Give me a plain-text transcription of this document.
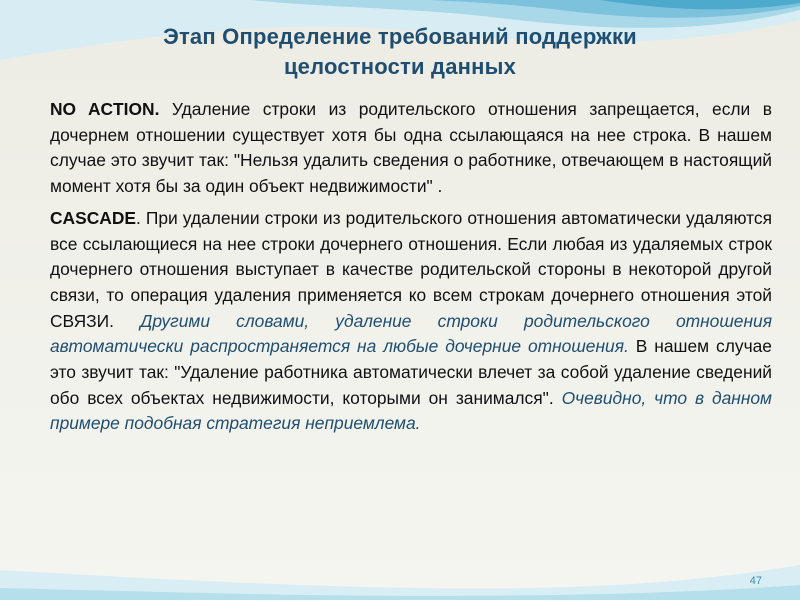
Этап Определение требований поддержки
целостности данных

NO ACTION. Удаление строки из родительского отношения запрещается, если в дочернем отношении существует хотя бы одна ссылающаяся на нее строка. В нашем случае это звучит так: "Нельзя удалить сведения о работнике, отвечающем в настоящий момент хотя бы за один объект недвижимости" .

CASCADE. При удалении строки из родительского отношения автоматически удаляются все ссылающиеся на нее строки дочернего отношения. Если любая из удаляемых строк дочернего отношения выступает в качестве родительской стороны в некоторой другой связи, то операция удаления применяется ко всем строкам дочернего отношения этой СВЯЗИ. Другими словами, удаление строки родительского отношения автоматически распространяется на любые дочерние отношения. В нашем случае это звучит так: "Удаление работника автоматически влечет за собой удаление сведений обо всех объектах недвижимости, которыми он занимался". Очевидно, что в данном примере подобная стратегия неприемлема.

47
